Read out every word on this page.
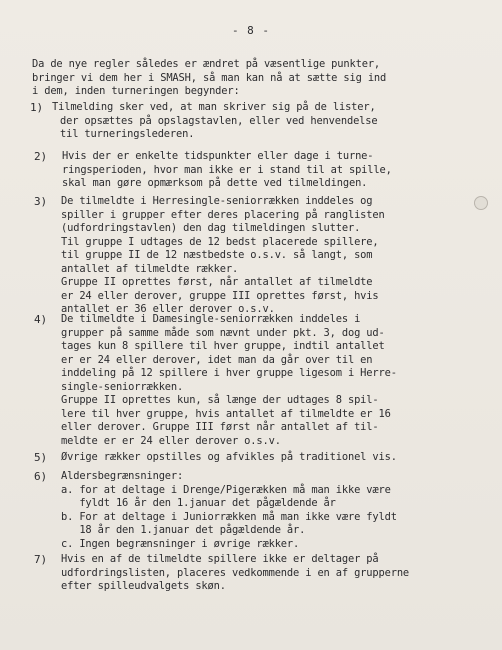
- 8 -
Da de nye regler således er ændret på væsentlige punkter,
bringer vi dem her i SMASH, så man kan nå at sætte sig ind
i dem, inden turneringen begynder:
1) Tilmelding sker ved, at man skriver sig på de lister,
der opsættes på opslagstavlen, eller ved henvendelse
til turneringslederen.
2) Hvis der er enkelte tidspunkter eller dage i turne-
ringsperioden, hvor man ikke er i stand til at spille,
skal man gøre opmærksom på dette ved tilmeldingen.
3) De tilmeldte i Herresingle-seniorrækken inddeles og
spiller i grupper efter deres placering på ranglisten
(udfordringstavlen) den dag tilmeldingen slutter.
Til gruppe I udtages de 12 bedst placerede spillere,
til gruppe II de 12 næstbedste o.s.v. så langt, som
antallet af tilmeldte rækker.
Gruppe II oprettes først, når antallet af tilmeldte
er 24 eller derover, gruppe III oprettes først, hvis
antallet er 36 eller derover o.s.v.
4) De tilmeldte i Damesingle-seniorrækken inddeles i
grupper på samme måde som nævnt under pkt. 3, dog ud-
tages kun 8 spillere til hver gruppe, indtil antallet
er er 24 eller derover, idet man da går over til en
inddeling på 12 spillere i hver gruppe ligesom i Herre-
single-seniorrækken.
Gruppe II oprettes kun, så længe der udtages 8 spil-
lere til hver gruppe, hvis antallet af tilmeldte er 16
eller derover. Gruppe III først når antallet af til-
meldte er er 24 eller derover o.s.v.
5) Øvrige rækker opstilles og afvikles på traditionel vis.
6) Aldersbegrænsninger:
a. for at deltage i Drenge/Pigerækken må man ikke være
fyldt 16 år den 1.januar det pågældende år
b. For at deltage i Juniorrækken må man ikke være fyldt
18 år den 1.januar det pågældende år.
c. Ingen begrænsninger i øvrige rækker.
7) Hvis en af de tilmeldte spillere ikke er deltager på
udfordringslisten, placeres vedkommende i en af grupperne
efter spilleudvalgets skøn.
